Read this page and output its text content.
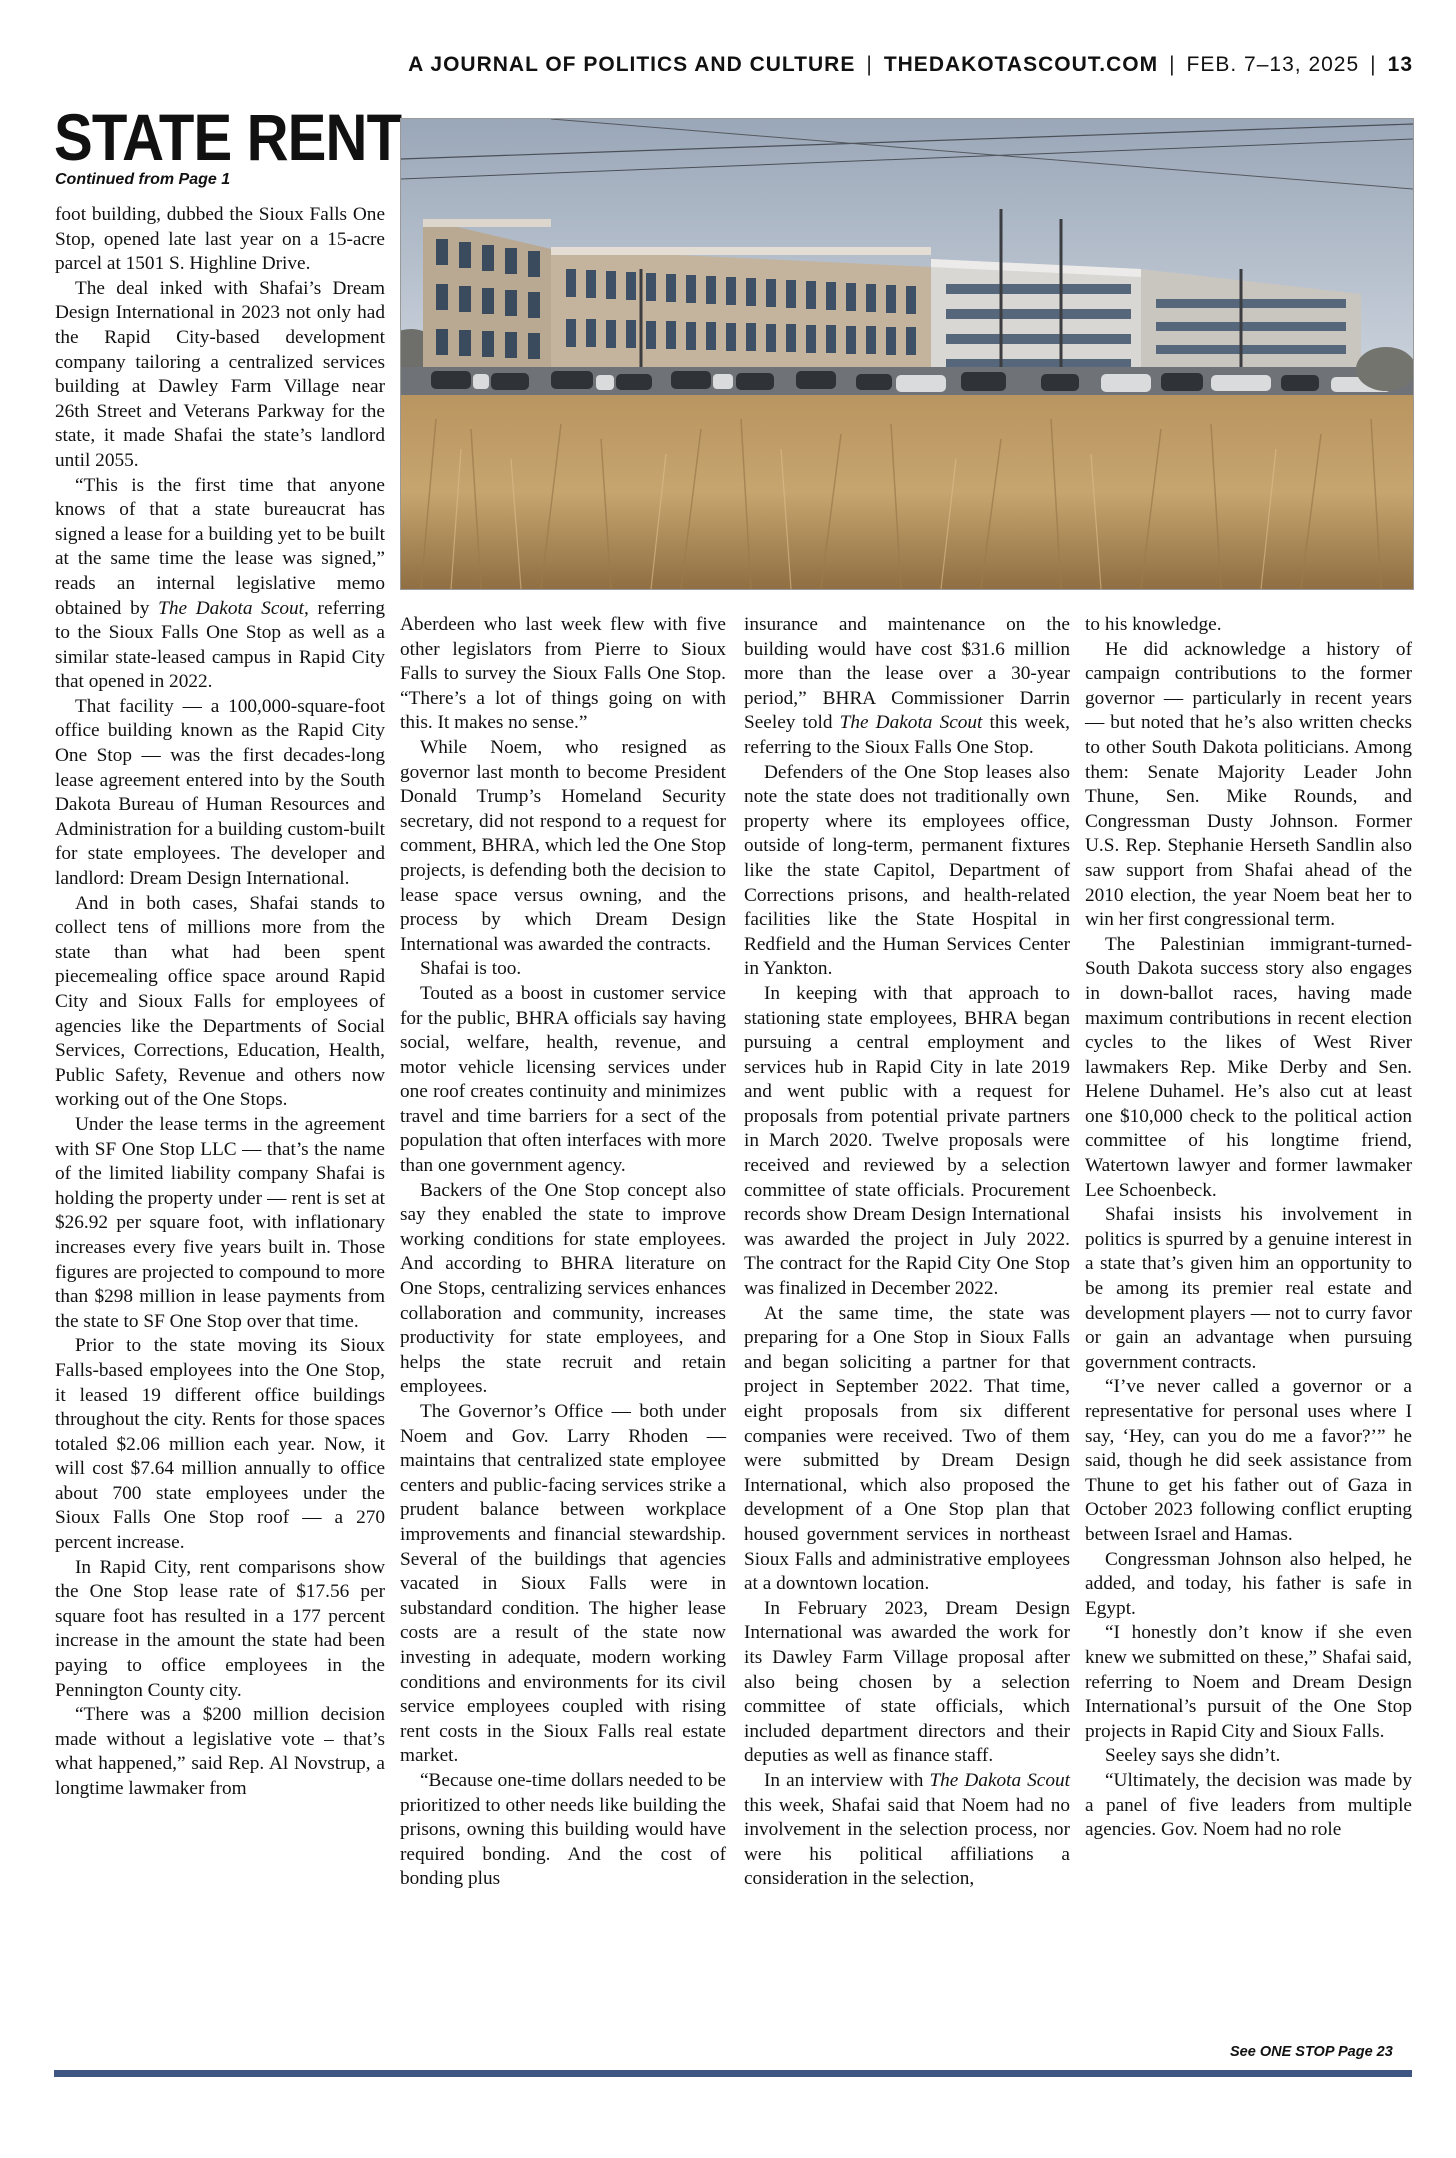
A JOURNAL OF POLITICS AND CULTURE | THEDAKOTASCOUT.COM | FEB. 7–13, 2025 | 13
STATE RENT
Continued from Page 1

foot building, dubbed the Sioux Falls One Stop, opened late last year on a 15-acre parcel at 1501 S. Highline Drive.

The deal inked with Shafai’s Dream Design International in 2023 not only had the Rapid City-based development company tailoring a centralized services building at Dawley Farm Village near 26th Street and Veterans Parkway for the state, it made Shafai the state’s landlord until 2055.

“This is the first time that anyone knows of that a state bureaucrat has signed a lease for a building yet to be built at the same time the lease was signed,” reads an internal legislative memo obtained by The Dakota Scout, referring to the Sioux Falls One Stop as well as a similar state-leased campus in Rapid City that opened in 2022.

That facility — a 100,000-square-foot office building known as the Rapid City One Stop — was the first decades-long lease agreement entered into by the South Dakota Bureau of Human Resources and Administration for a building custom-built for state employees. The developer and landlord: Dream Design International.

And in both cases, Shafai stands to collect tens of millions more from the state than what had been spent piecemealing office space around Rapid City and Sioux Falls for employees of agencies like the Departments of Social Services, Corrections, Education, Health, Public Safety, Revenue and others now working out of the One Stops.

Under the lease terms in the agreement with SF One Stop LLC — that’s the name of the limited liability company Shafai is holding the property under — rent is set at $26.92 per square foot, with inflationary increases every five years built in. Those figures are projected to compound to more than $298 million in lease payments from the state to SF One Stop over that time.

Prior to the state moving its Sioux Falls-based employees into the One Stop, it leased 19 different office buildings throughout the city. Rents for those spaces totaled $2.06 million each year. Now, it will cost $7.64 million annually to office about 700 state employees under the Sioux Falls One Stop roof — a 270 percent increase.

In Rapid City, rent comparisons show the One Stop lease rate of $17.56 per square foot has resulted in a 177 percent increase in the amount the state had been paying to office employees in the Pennington County city.

“There was a $200 million decision made without a legislative vote – that’s what happened,” said Rep. Al Novstrup, a longtime lawmaker from

Aberdeen who last week flew with five other legislators from Pierre to Sioux Falls to survey the Sioux Falls One Stop. “There’s a lot of things going on with this. It makes no sense.”

While Noem, who resigned as governor last month to become President Donald Trump’s Homeland Security secretary, did not respond to a request for comment, BHRA, which led the One Stop projects, is defending both the decision to lease space versus owning, and the process by which Dream Design International was awarded the contracts.

Shafai is too.

Touted as a boost in customer service for the public, BHRA officials say having social, welfare, health, revenue, and motor vehicle licensing services under one roof creates continuity and minimizes travel and time barriers for a sect of the population that often interfaces with more than one government agency.

Backers of the One Stop concept also say they enabled the state to improve working conditions for state employees. And according to BHRA literature on One Stops, centralizing services enhances collaboration and community, increases productivity for state employees, and helps the state recruit and retain employees.

The Governor’s Office — both under Noem and Gov. Larry Rhoden — maintains that centralized state employee centers and public-facing services strike a prudent balance between workplace improvements and financial stewardship. Several of the buildings that agencies vacated in Sioux Falls were in substandard condition. The higher lease costs are a result of the state now investing in adequate, modern working conditions and environments for its civil service employees coupled with rising rent costs in the Sioux Falls real estate market.

“Because one-time dollars needed to be prioritized to other needs like building the prisons, owning this building would have required bonding. And the cost of bonding plus

insurance and maintenance on the building would have cost $31.6 million more than the lease over a 30-year period,” BHRA Commissioner Darrin Seeley told The Dakota Scout this week, referring to the Sioux Falls One Stop.

Defenders of the One Stop leases also note the state does not traditionally own property where its employees office, outside of long-term, permanent fixtures like the state Capitol, Department of Corrections prisons, and health-related facilities like the State Hospital in Redfield and the Human Services Center in Yankton.

In keeping with that approach to stationing state employees, BHRA began pursuing a central employment and services hub in Rapid City in late 2019 and went public with a request for proposals from potential private partners in March 2020. Twelve proposals were received and reviewed by a selection committee of state officials. Procurement records show Dream Design International was awarded the project in July 2022. The contract for the Rapid City One Stop was finalized in December 2022.

At the same time, the state was preparing for a One Stop in Sioux Falls and began soliciting a partner for that project in September 2022. That time, eight proposals from six different companies were received. Two of them were submitted by Dream Design International, which also proposed the development of a One Stop plan that housed government services in northeast Sioux Falls and administrative employees at a downtown location.

In February 2023, Dream Design International was awarded the work for its Dawley Farm Village proposal after also being chosen by a selection committee of state officials, which included department directors and their deputies as well as finance staff.

In an interview with The Dakota Scout this week, Shafai said that Noem had no involvement in the selection process, nor were his political affiliations a consideration in the selection,

to his knowledge.

He did acknowledge a history of campaign contributions to the former governor — particularly in recent years — but noted that he’s also written checks to other South Dakota politicians. Among them: Senate Majority Leader John Thune, Sen. Mike Rounds, and Congressman Dusty Johnson. Former U.S. Rep. Stephanie Herseth Sandlin also saw support from Shafai ahead of the 2010 election, the year Noem beat her to win her first congressional term.

The Palestinian immigrant-turned-South Dakota success story also engages in down-ballot races, having made maximum contributions in recent election cycles to the likes of West River lawmakers Rep. Mike Derby and Sen. Helene Duhamel. He’s also cut at least one $10,000 check to the political action committee of his longtime friend, Watertown lawyer and former lawmaker Lee Schoenbeck.

Shafai insists his involvement in politics is spurred by a genuine interest in a state that’s given him an opportunity to be among its premier real estate and development players — not to curry favor or gain an advantage when pursuing government contracts.

“I’ve never called a governor or a representative for personal uses where I say, ‘Hey, can you do me a favor?’” he said, though he did seek assistance from Thune to get his father out of Gaza in October 2023 following conflict erupting between Israel and Hamas.

Congressman Johnson also helped, he added, and today, his father is safe in Egypt.

“I honestly don’t know if she even knew we submitted on these,” Shafai said, referring to Noem and Dream Design International’s pursuit of the One Stop projects in Rapid City and Sioux Falls.

Seeley says she didn’t.

“Ultimately, the decision was made by a panel of five leaders from multiple agencies. Gov. Noem had no role

See ONE STOP Page 23
